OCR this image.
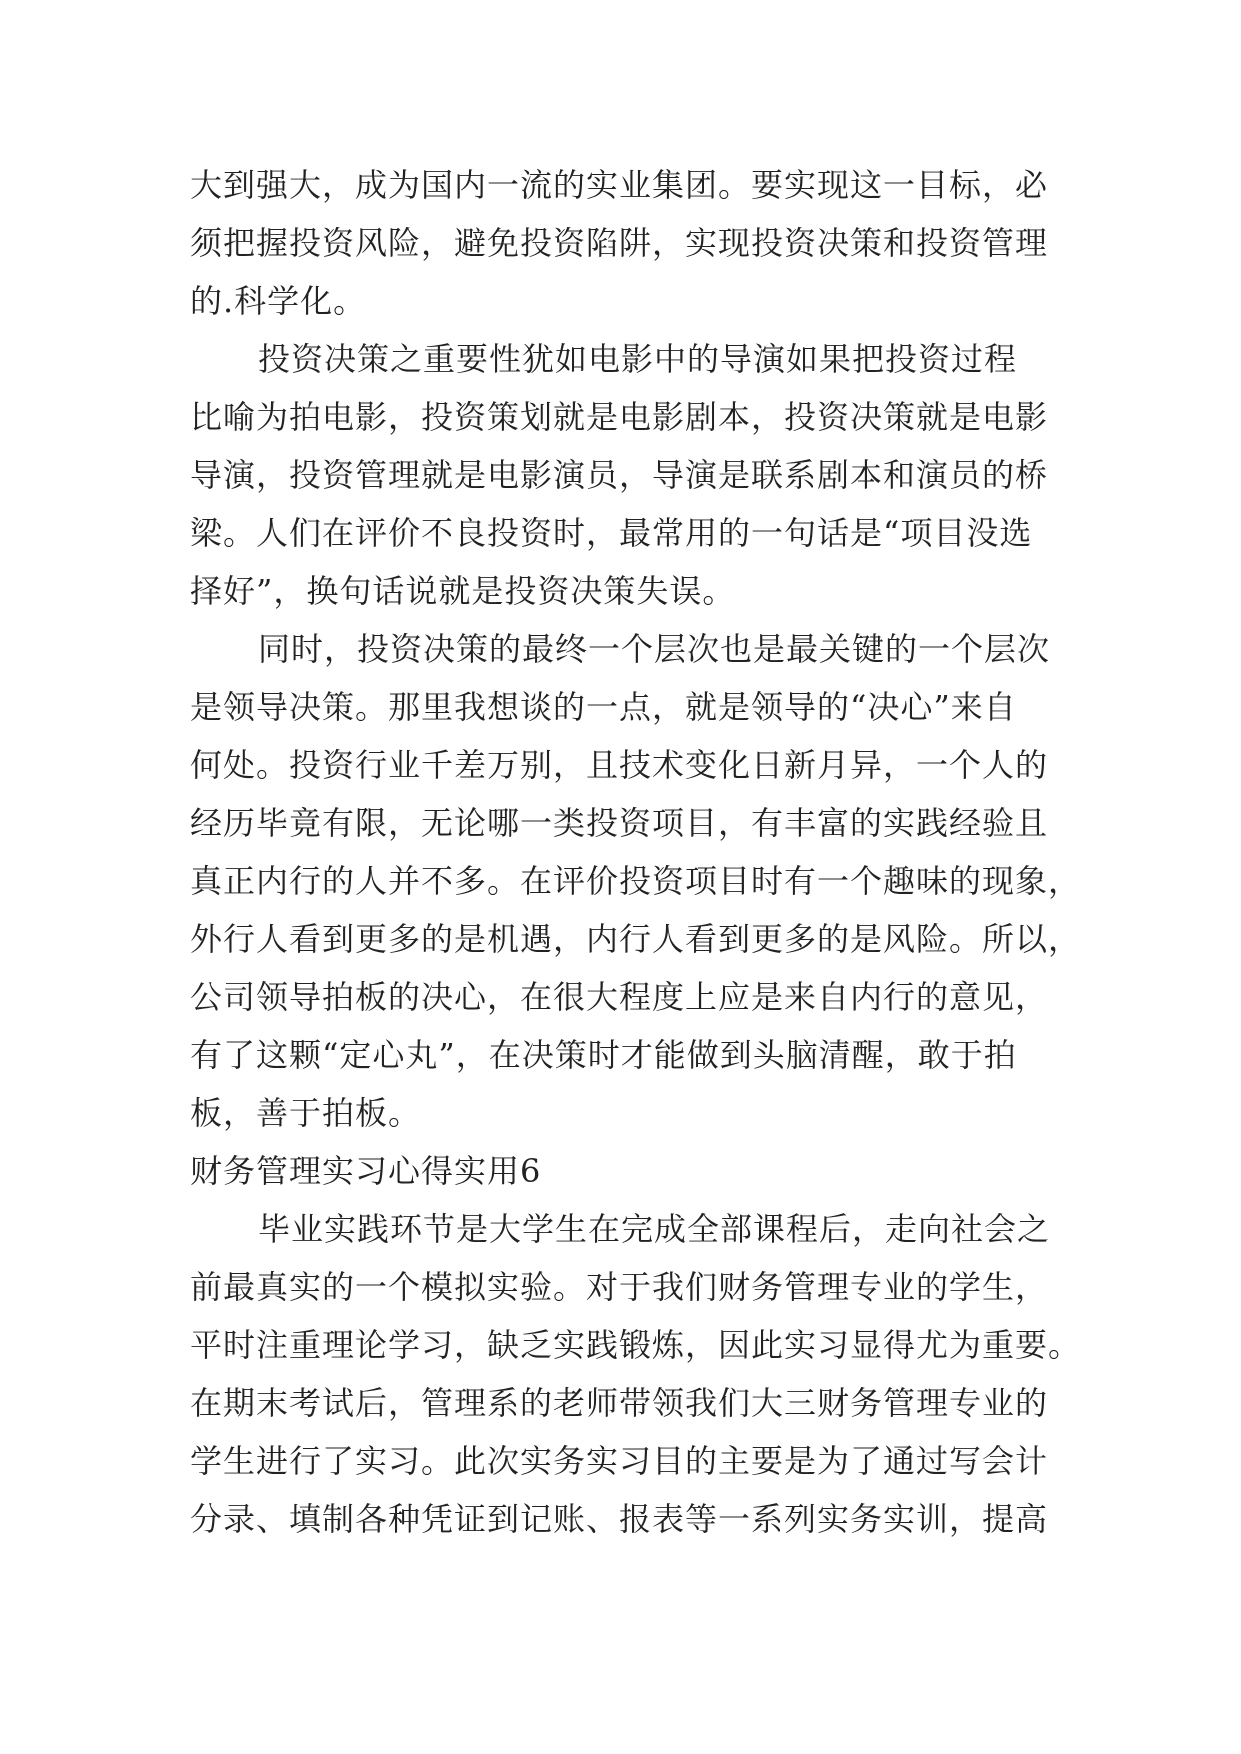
大到强大，成为国内一流的实业集团。要实现这一目标，必
须把握投资风险，避免投资陷阱，实现投资决策和投资管理
的.科学化。
投资决策之重要性犹如电影中的导演如果把投资过程
比喻为拍电影，投资策划就是电影剧本，投资决策就是电影
导演，投资管理就是电影演员，导演是联系剧本和演员的桥
梁。人们在评价不良投资时，最常用的一句话是“项目没选
择好”，换句话说就是投资决策失误。
同时，投资决策的最终一个层次也是最关键的一个层次
是领导决策。那里我想谈的一点，就是领导的“决心”来自
何处。投资行业千差万别，且技术变化日新月异，一个人的
经历毕竟有限，无论哪一类投资项目，有丰富的实践经验且
真正内行的人并不多。在评价投资项目时有一个趣味的现象，
外行人看到更多的是机遇，内行人看到更多的是风险。所以，
公司领导拍板的决心，在很大程度上应是来自内行的意见，
有了这颗“定心丸”，在决策时才能做到头脑清醒，敢于拍
板，善于拍板。
财务管理实习心得实用6
毕业实践环节是大学生在完成全部课程后，走向社会之
前最真实的一个模拟实验。对于我们财务管理专业的学生，
平时注重理论学习，缺乏实践锻炼，因此实习显得尤为重要。
在期末考试后，管理系的老师带领我们大三财务管理专业的
学生进行了实习。此次实务实习目的主要是为了通过写会计
分录、填制各种凭证到记账、报表等一系列实务实训，提高
